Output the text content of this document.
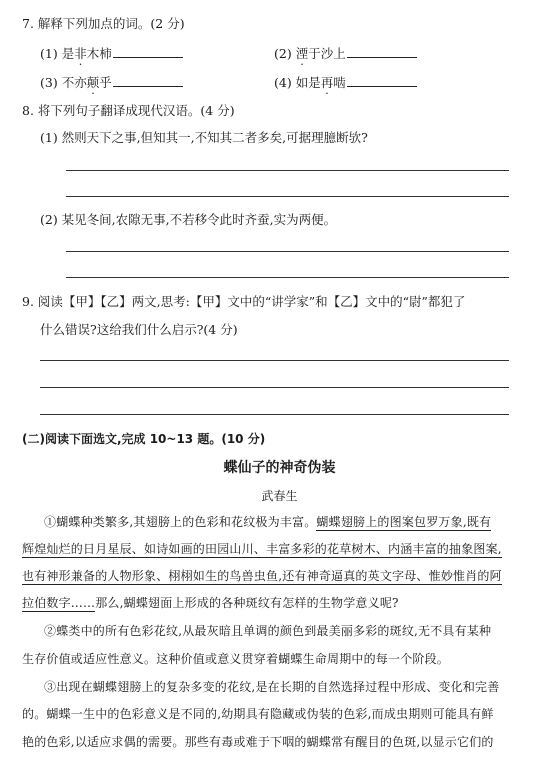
7. 解释下列加点的词。(2 分)
(1) 是非木柿	(2) 湮于沙上
(3) 不亦颠乎	(4) 如是再啮
8. 将下列句子翻译成现代汉语。(4 分)
(1) 然则天下之事,但知其一,不知其二者多矣,可据理臆断欤?
(2) 某见冬间,农隙无事,不若移令此时齐蚕,实为两便。
9. 阅读【甲】【乙】两文,思考:【甲】文中的“讲学家”和【乙】文中的“尉”都犯了
什么错误?这给我们什么启示?(4 分)
(二)阅读下面选文,完成 10~13 题。(10 分)
蝶仙子的神奇伪装
武春生
①蝴蝶种类繁多,其翅膀上的色彩和花纹极为丰富。蝴蝶翅膀上的图案包罗万象,既有
辉煌灿烂的日月星辰、如诗如画的田园山川、丰富多彩的花草树木、内涵丰富的抽象图案,
也有神形兼备的人物形象、栩栩如生的鸟兽虫鱼,还有神奇逼真的英文字母、惟妙惟肖的阿
拉伯数字……那么,蝴蝶翅面上形成的各种斑纹有怎样的生物学意义呢?
②蝶类中的所有色彩花纹,从最灰暗且单调的颜色到最美丽多彩的斑纹,无不具有某种
生存价值或适应性意义。这种价值或意义贯穿着蝴蝶生命周期中的每一个阶段。
③出现在蝴蝶翅膀上的复杂多变的花纹,是在长期的自然选择过程中形成、变化和完善
的。蝴蝶一生中的色彩意义是不同的,幼期具有隐藏或伪装的色彩,而成虫期则可能具有鲜
艳的色彩,以适应求偶的需要。那些有毒或难于下咽的蝴蝶常有醒目的色斑,以显示它们的
